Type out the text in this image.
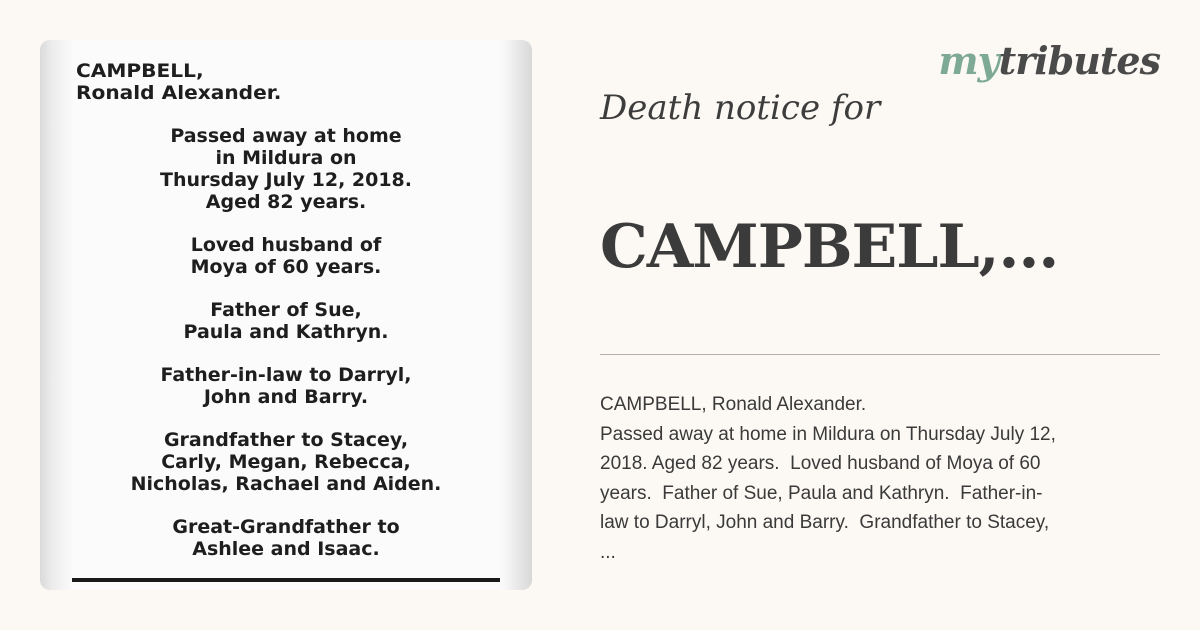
CAMPBELL,
Ronald Alexander.
Passed away at home
in Mildura on
Thursday July 12, 2018.
Aged 82 years.
Loved husband of
Moya of 60 years.
Father of Sue,
Paula and Kathryn.
Father-in-law to Darryl,
John and Barry.
Grandfather to Stacey,
Carly, Megan, Rebecca,
Nicholas, Rachael and Aiden.
Great-Grandfather to
Ashlee and Isaac.
mytributes
Death notice for
CAMPBELL,...
CAMPBELL, Ronald Alexander.
Passed away at home in Mildura on Thursday July 12,
2018. Aged 82 years.  Loved husband of Moya of 60
years.  Father of Sue, Paula and Kathryn.  Father-in-
law to Darryl, John and Barry.  Grandfather to Stacey,
...
